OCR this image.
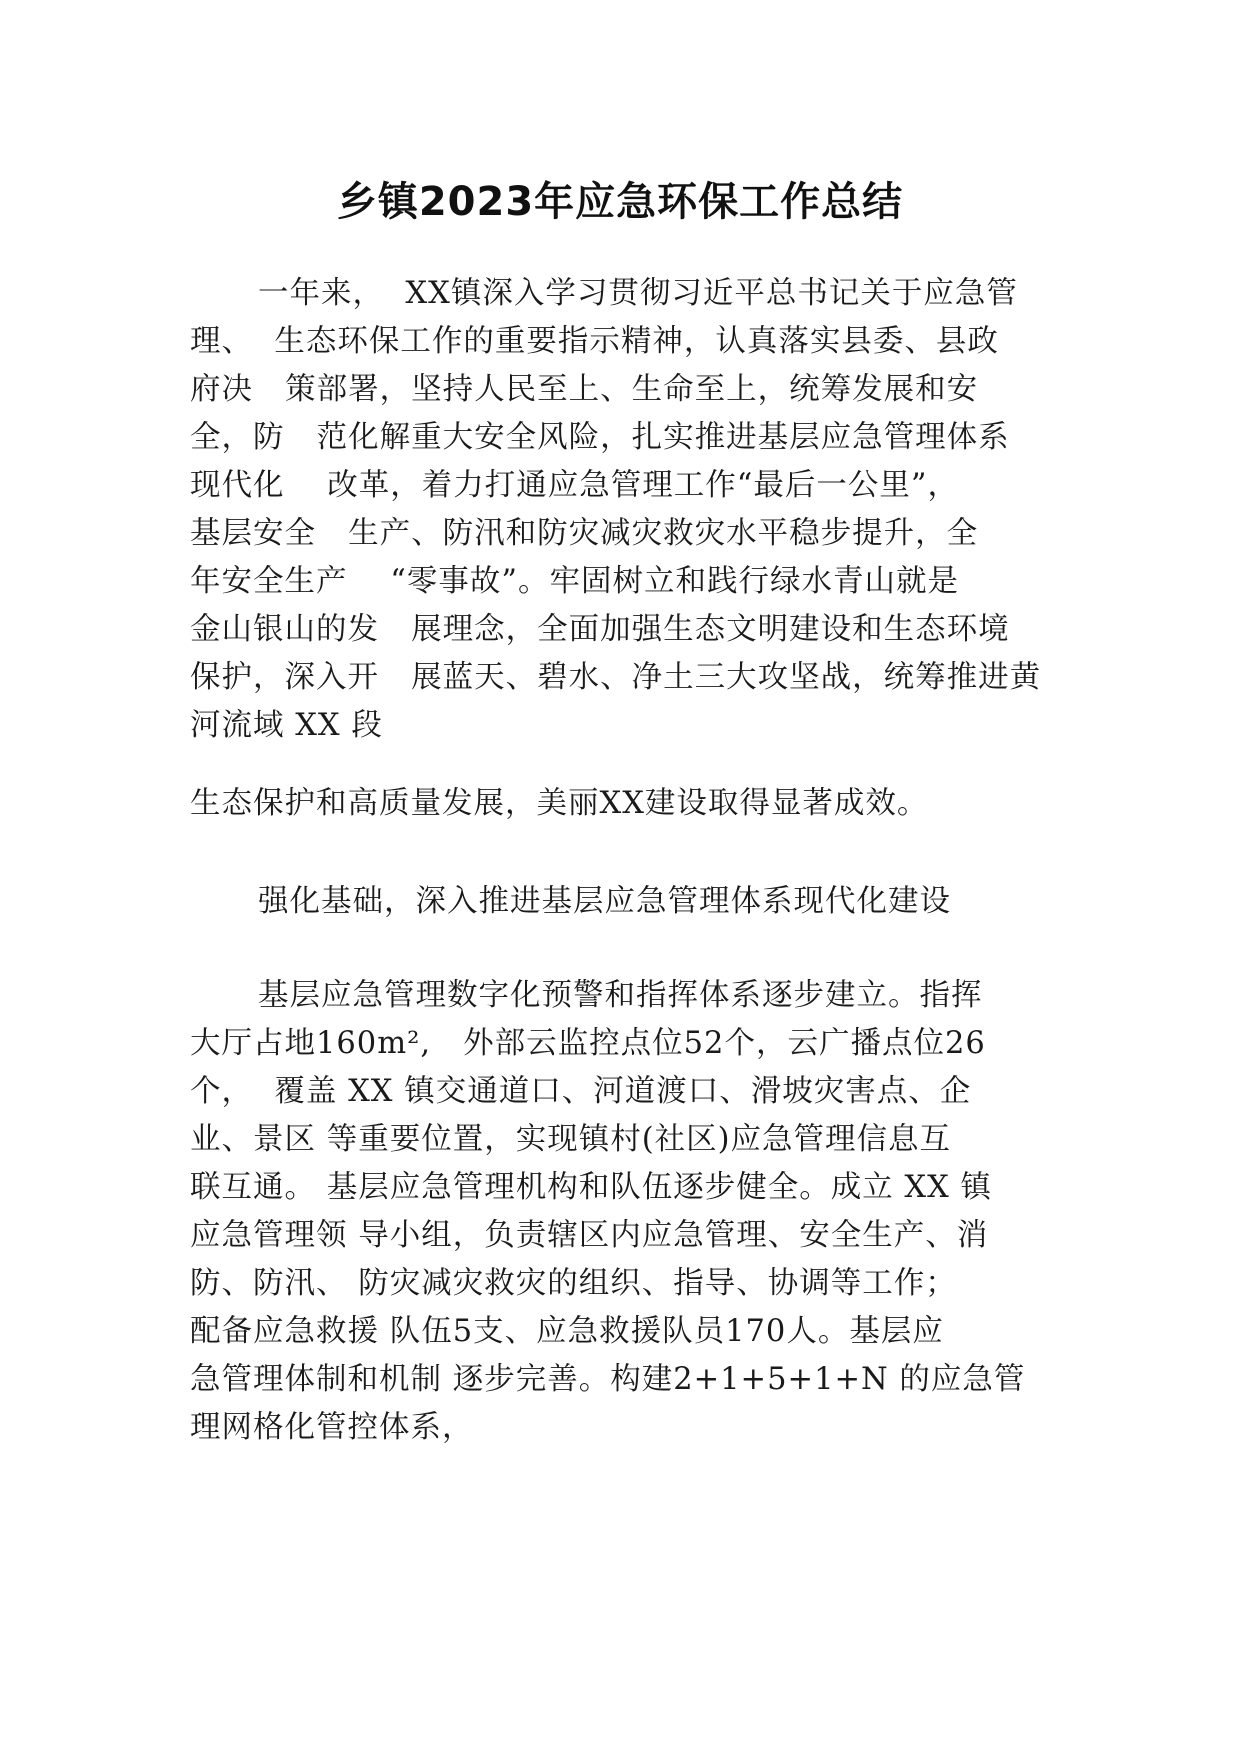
乡镇2023年应急环保工作总结
一年来，  XX镇深入学习贯彻习近平总书记关于应急管
理、  生态环保工作的重要指示精神，认真落实县委、县政
府决   策部署，坚持人民至上、生命至上，统筹发展和安
全，防   范化解重大安全风险，扎实推进基层应急管理体系
现代化    改革，着力打通应急管理工作“最后一公里”，
基层安全   生产、防汛和防灾减灾救灾水平稳步提升，全
年安全生产    “零事故”。牢固树立和践行绿水青山就是
金山银山的发   展理念，全面加强生态文明建设和生态环境
保护，深入开   展蓝天、碧水、净土三大攻坚战，统筹推进黄
河流域 XX 段
生态保护和高质量发展，美丽XX建设取得显著成效。
强化基础，深入推进基层应急管理体系现代化建设
基层应急管理数字化预警和指挥体系逐步建立。指挥
大厅占地160m²,   外部云监控点位52个，云广播点位26
个，  覆盖 XX 镇交通道口、河道渡口、滑坡灾害点、企
业、景区 等重要位置，实现镇村(社区)应急管理信息互
联互通。 基层应急管理机构和队伍逐步健全。成立 XX 镇
应急管理领 导小组，负责辖区内应急管理、安全生产、消
防、防汛、 防灾减灾救灾的组织、指导、协调等工作；
配备应急救援 队伍5支、应急救援队员170人。基层应
急管理体制和机制 逐步完善。构建2+1+5+1+N 的应急管
理网格化管控体系，
